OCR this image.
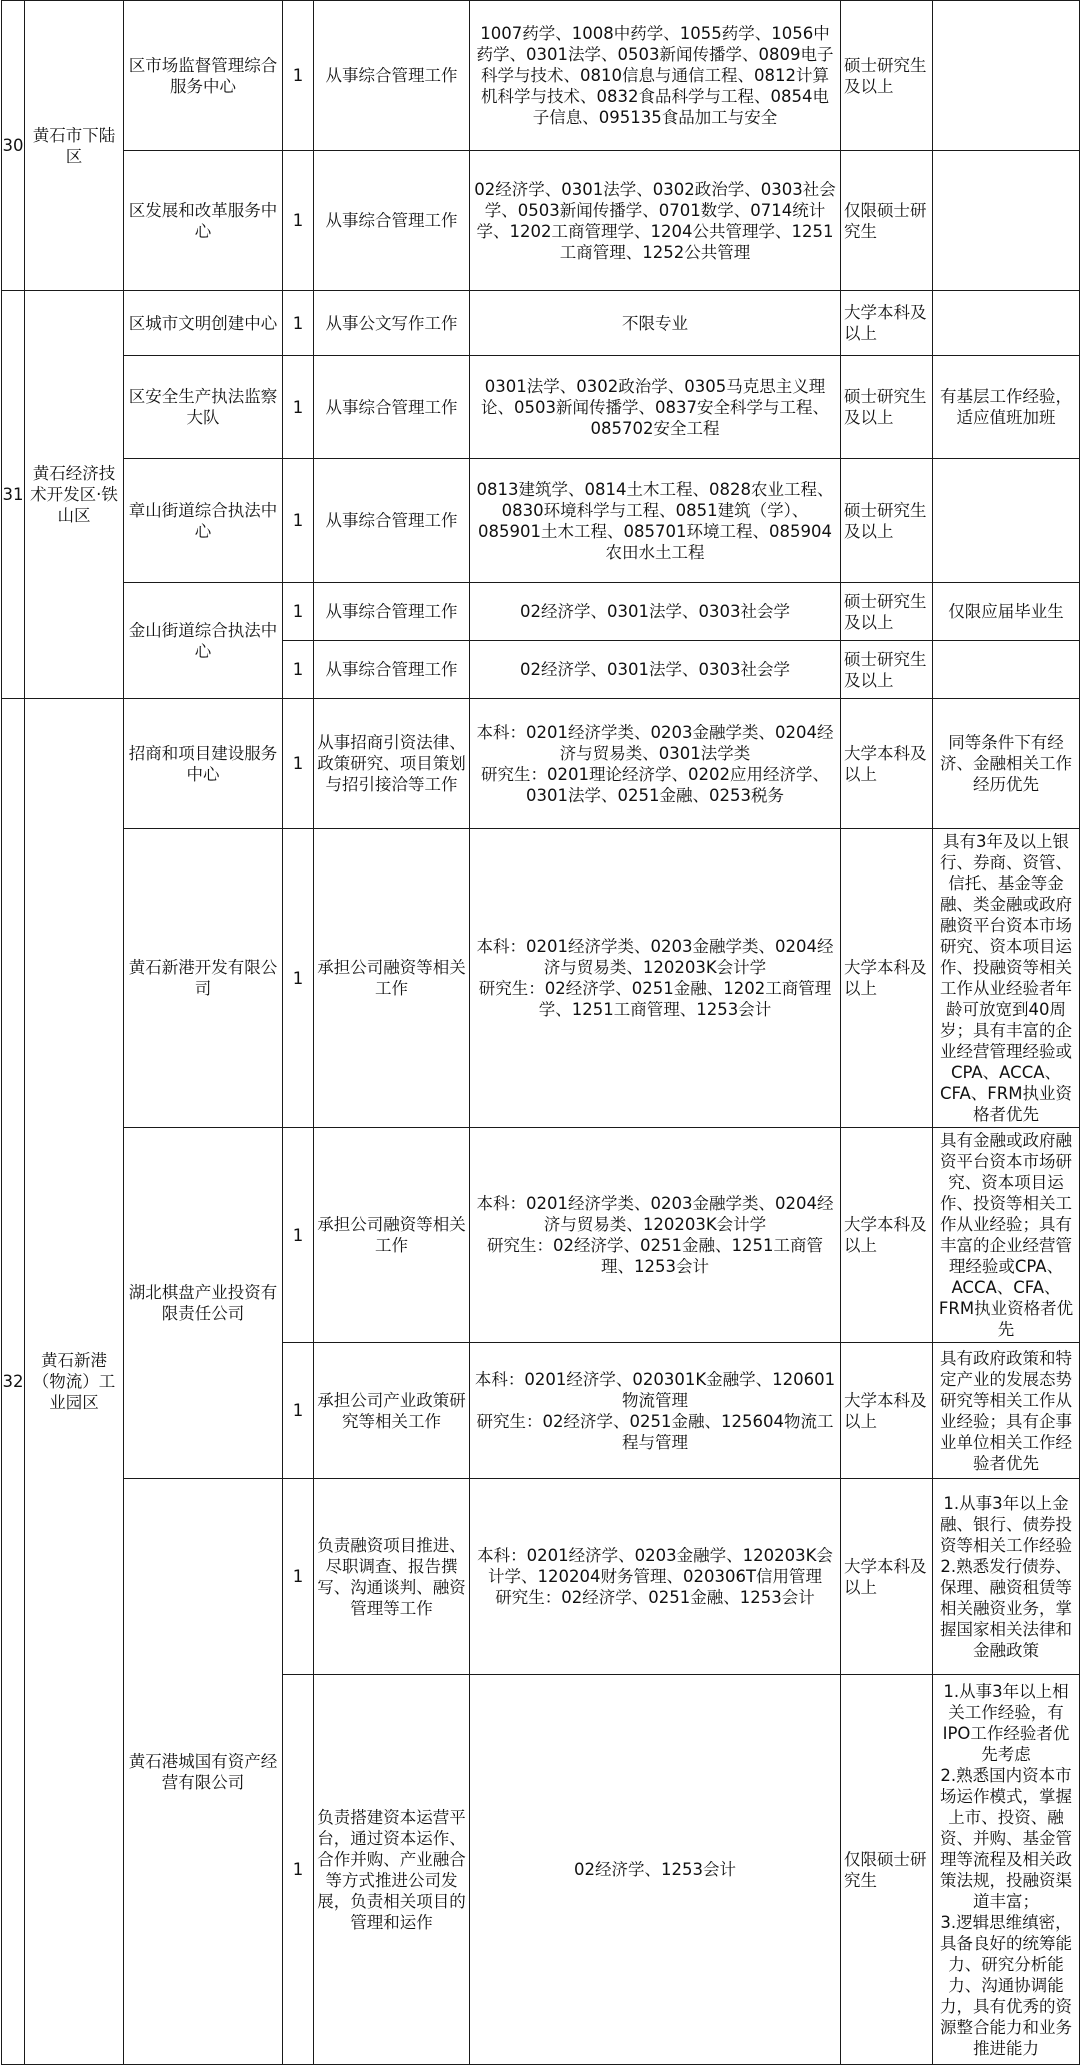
30	黄石市下陆区	区市场监督管理综合服务中心	1	从事综合管理工作	1007药学、1008中药学、1055药学、1056中药学、0301法学、0503新闻传播学、0809电子科学与技术、0810信息与通信工程、0812计算机科学与技术、0832食品科学与工程、0854电子信息、095135食品加工与安全	硕士研究生及以上	

		区发展和改革服务中心	1	从事综合管理工作	02经济学、0301法学、0302政治学、0303社会学、0503新闻传播学、0701数学、0714统计学、1202工商管理学、1204公共管理学、1251工商管理、1252公共管理	仅限硕士研究生	

31	黄石经济技术开发区·铁山区	区城市文明创建中心	1	从事公文写作工作	不限专业	大学本科及以上	

		区安全生产执法监察大队	1	从事综合管理工作	0301法学、0302政治学、0305马克思主义理论、0503新闻传播学、0837安全科学与工程、085702安全工程	硕士研究生及以上	有基层工作经验，适应值班加班

		章山街道综合执法中心	1	从事综合管理工作	0813建筑学、0814土木工程、0828农业工程、0830环境科学与工程、0851建筑（学）、085901土木工程、085701环境工程、085904农田水土工程	硕士研究生及以上	

		金山街道综合执法中心	1	从事综合管理工作	02经济学、0301法学、0303社会学	硕士研究生及以上	仅限应届毕业生

			1	从事综合管理工作	02经济学、0301法学、0303社会学	硕士研究生及以上	

32	黄石新港（物流）工业园区	招商和项目建设服务中心	1	从事招商引资法律、政策研究、项目策划与招引接洽等工作	本科：0201经济学类、0203金融学类、0204经济与贸易类、0301法学类
研究生：0201理论经济学、0202应用经济学、0301法学、0251金融、0253税务	大学本科及以上	同等条件下有经济、金融相关工作经历优先

		黄石新港开发有限公司	1	承担公司融资等相关工作	本科：0201经济学类、0203金融学类、0204经济与贸易类、120203K会计学
研究生：02经济学、0251金融、1202工商管理学、1251工商管理、1253会计	大学本科及以上	具有3年及以上银行、券商、资管、信托、基金等金融、类金融或政府融资平台资本市场研究、资本项目运作、投融资等相关工作从业经验者年龄可放宽到40周岁；具有丰富的企业经营管理经验或CPA、ACCA、CFA、FRM执业资格者优先

		湖北棋盘产业投资有限责任公司	1	承担公司融资等相关工作	本科：0201经济学类、0203金融学类、0204经济与贸易类、120203K会计学
研究生：02经济学、0251金融、1251工商管理、1253会计	大学本科及以上	具有金融或政府融资平台资本市场研究、资本项目运作、投资等相关工作从业经验；具有丰富的企业经营管理经验或CPA、ACCA、CFA、FRM执业资格者优先

			1	承担公司产业政策研究等相关工作	本科：0201经济学、020301K金融学、120601物流管理
研究生：02经济学、0251金融、125604物流工程与管理	大学本科及以上	具有政府政策和特定产业的发展态势研究等相关工作从业经验；具有企事业单位相关工作经验者优先

		黄石港城国有资产经营有限公司	1	负责融资项目推进、尽职调查、报告撰写、沟通谈判、融资管理等工作	本科：0201经济学、0203金融学、120203K会计学、120204财务管理、020306T信用管理
研究生：02经济学、0251金融、1253会计	大学本科及以上	1.从事3年以上金融、银行、债券投资等相关工作经验
2.熟悉发行债券、保理、融资租赁等相关融资业务，掌握国家相关法律和金融政策

			1	负责搭建资本运营平台，通过资本运作、合作并购、产业融合等方式推进公司发展，负责相关项目的管理和运作	02经济学、1253会计	仅限硕士研究生	1.从事3年以上相关工作经验，有IPO工作经验者优先考虑
2.熟悉国内资本市场运作模式，掌握上市、投资、融资、并购、基金管理等流程及相关政策法规，投融资渠道丰富；
3.逻辑思维缜密，具备良好的统筹能力、研究分析能力、沟通协调能力，具有优秀的资源整合能力和业务推进能力
